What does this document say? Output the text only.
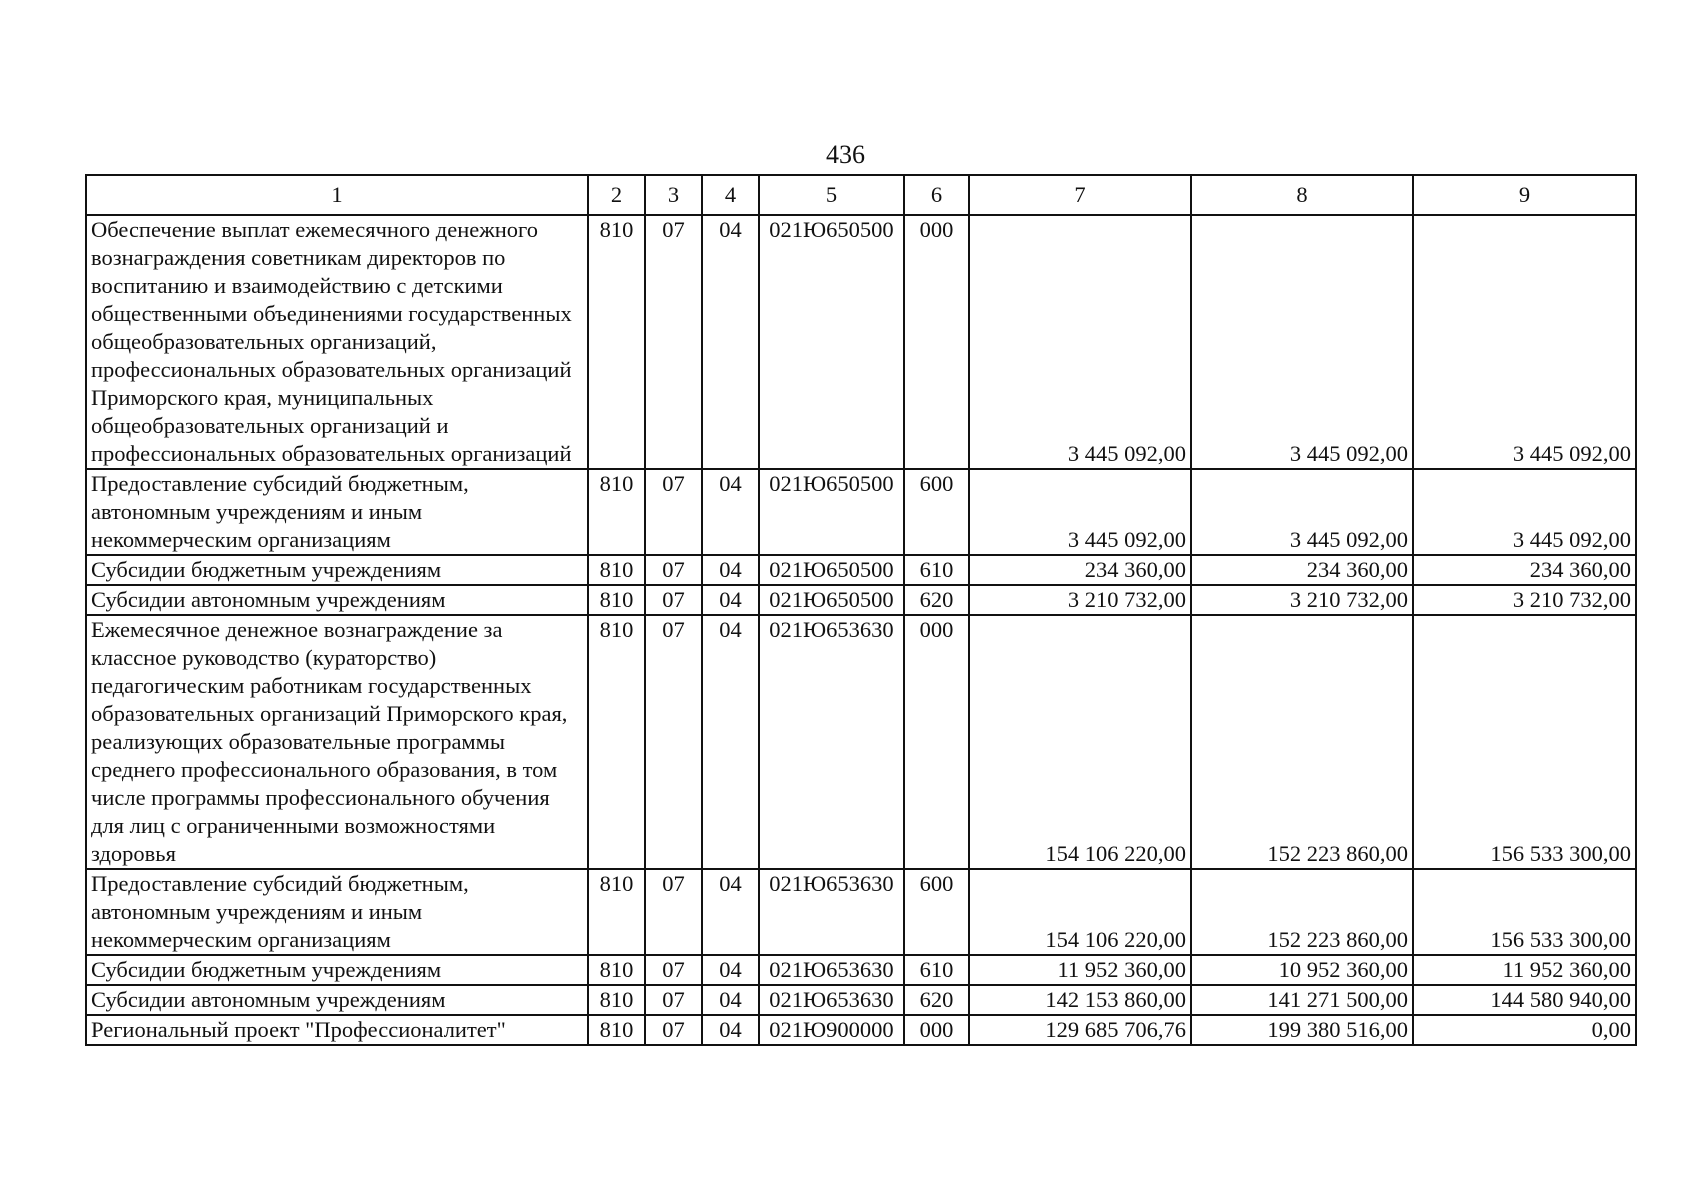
436
1	2	3	4	5	6	7	8	9
Обеспечение выплат ежемесячного денежного вознаграждения советникам директоров по воспитанию и взаимодействию с детскими общественными объединениями государственных общеобразовательных организаций, профессиональных образовательных организаций Приморского края, муниципальных общеобразовательных организаций и профессиональных образовательных организаций	810	07	04	021Ю650500	000	3 445 092,00	3 445 092,00	3 445 092,00
Предоставление субсидий бюджетным, автономным учреждениям и иным некоммерческим организациям	810	07	04	021Ю650500	600	3 445 092,00	3 445 092,00	3 445 092,00
Субсидии бюджетным учреждениям	810	07	04	021Ю650500	610	234 360,00	234 360,00	234 360,00
Субсидии автономным учреждениям	810	07	04	021Ю650500	620	3 210 732,00	3 210 732,00	3 210 732,00
Ежемесячное денежное вознаграждение за классное руководство (кураторство) педагогическим работникам государственных образовательных организаций Приморского края, реализующих образовательные программы среднего профессионального образования, в том числе программы профессионального обучения для лиц с ограниченными возможностями здоровья	810	07	04	021Ю653630	000	154 106 220,00	152 223 860,00	156 533 300,00
Предоставление субсидий бюджетным, автономным учреждениям и иным некоммерческим организациям	810	07	04	021Ю653630	600	154 106 220,00	152 223 860,00	156 533 300,00
Субсидии бюджетным учреждениям	810	07	04	021Ю653630	610	11 952 360,00	10 952 360,00	11 952 360,00
Субсидии автономным учреждениям	810	07	04	021Ю653630	620	142 153 860,00	141 271 500,00	144 580 940,00
Региональный проект "Профессионалитет"	810	07	04	021Ю900000	000	129 685 706,76	199 380 516,00	0,00
